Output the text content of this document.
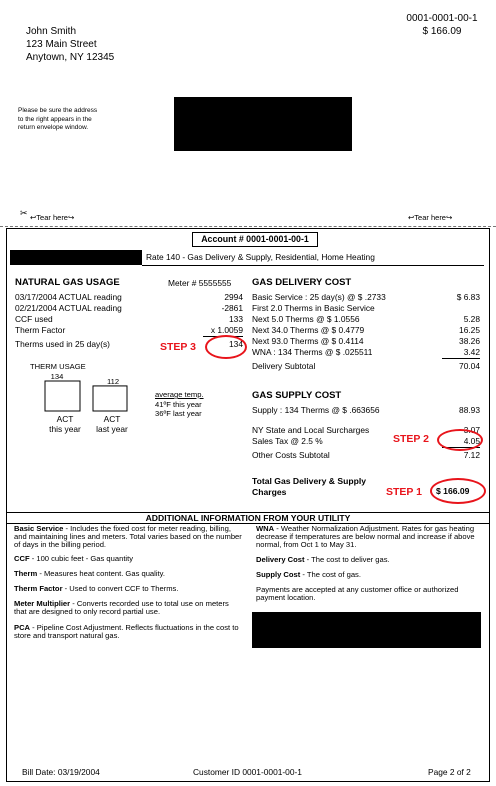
0001-0001-00-1
$ 166.09
John Smith
123 Main Street
Anytown, NY 12345
Please be sure the address
to the right appears in the
return envelope window.
✂ ↩Tear here↪	↩Tear here↪
Account # 0001-0001-00-1
Rate 140 - Gas Delivery & Supply, Residential, Home Heating
NATURAL GAS USAGE	Meter # 5555555
03/17/2004 ACTUAL reading	2994
02/21/2004 ACTUAL reading	-2861
CCF used	133
Therm Factor	x 1.0059
Therms used in 25 day(s)	134
STEP 3
THERM USAGE
134
112
ACT
this year
ACT
last year
average temp.
41ºF this year
36ºF last year
GAS DELIVERY COST
Basic Service : 25 day(s) @ $ .2733	$ 6.83
First 2.0 Therms in Basic Service
Next 5.0 Therms @ $ 1.0556	5.28
Next 34.0 Therms @ $ 0.4779	16.25
Next 93.0 Therms @ $ 0.4114	38.26
WNA : 134 Therms @ $ .025511	3.42
Delivery Subtotal	70.04
GAS SUPPLY COST
Supply : 134 Therms @ $ .663656	88.93
NY State and Local Surcharges	3.07
Sales Tax @ 2.5 %	4.05
Other Costs Subtotal	7.12
STEP 2
Total Gas Delivery & Supply
Charges	STEP 1 $ 166.09
ADDITIONAL INFORMATION FROM YOUR UTILITY
Basic Service - Includes the fixed cost for meter reading, billing, and maintaining lines and meters. Total varies based on the number of days in the billing period.
CCF - 100 cubic feet - Gas quantity
Therm - Measures heat content. Gas quality.
Therm Factor - Used to convert CCF to Therms.
Meter Multiplier - Converts recorded use to total use on meters that are designed to only record partial use.
PCA - Pipeline Cost Adjustment. Reflects fluctuations in the cost to store and transport natural gas.
WNA - Weather Normalization Adjustment. Rates for gas heating decrease if temperatures are below normal and increase if above normal, from Oct 1 to May 31.
Delivery Cost - The cost to deliver gas.
Supply Cost - The cost of gas.
Payments are accepted at any customer office or authorized payment location.
Bill Date: 03/19/2004	Customer ID 0001-0001-00-1	Page 2 of 2
